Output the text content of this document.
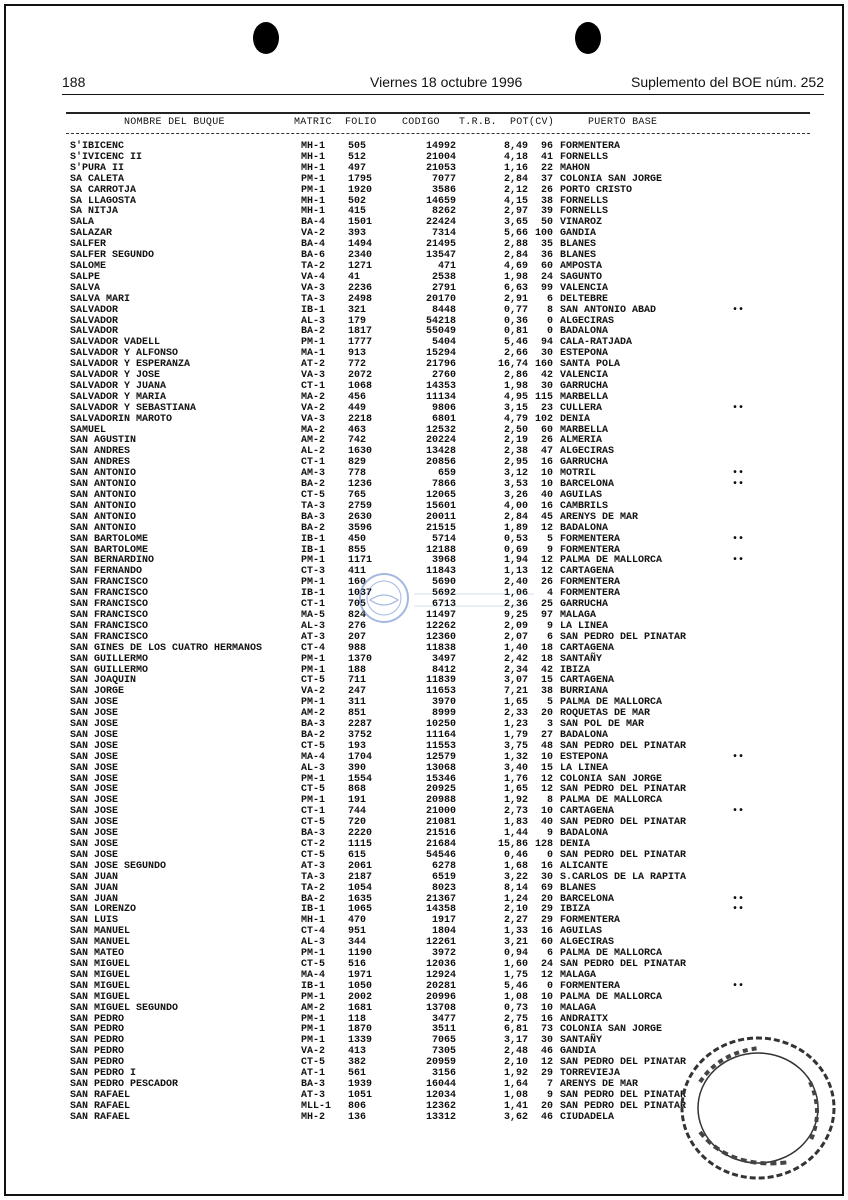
188	Viernes 18 octubre 1996	Suplemento del BOE núm. 252
NOMBRE DEL BUQUE	MATRIC FOLIO	CODIGO T.R.B. POT(CV)	PUERTO BASE
S'IBICENC	MH-1 505	14992	8,49 96 FORMENTERA
S'IVICENC II	MH-1 512	21004	4,18 41 FORNELLS
S'PURA II	MH-1 497	21053	1,16 22 MAHON
SA CALETA	PM-1 1795	7077	2,84 37 COLONIA SAN JORGE
SA CARROTJA	PM-1 1920	3586	2,12 26 PORTO CRISTO
SA LLAGOSTA	MH-1 502	14659	4,15 38 FORNELLS
SA NITJA	MH-1 415	8262	2,97 39 FORNELLS
SALA	BA-4 1501	22424	3,65 50 VINAROZ
SALAZAR	VA-2 393	7314	5,66 100 GANDIA
SALFER	BA-4 1494	21495	2,88 35 BLANES
SALFER SEGUNDO	BA-6 2340	13547	2,84 36 BLANES
SALOME	TA-2 1271	471	4,69 60 AMPOSTA
SALPE	VA-4 41	2538	1,98 24 SAGUNTO
SALVA	VA-3 2236	2791	6,63 99 VALENCIA
SALVA MARI	TA-3 2498	20170	2,91 6 DELTEBRE
SALVADOR	IB-1 321	8448	0,77 8 SAN ANTONIO ABAD	••
SALVADOR	AL-3 179	54218	0,36 0 ALGECIRAS
SALVADOR	BA-2 1817	55049	0,81 0 BADALONA
SALVADOR VADELL	PM-1 1777	5404	5,46 94 CALA-RATJADA
SALVADOR Y ALFONSO	MA-1 913	15294	2,66 30 ESTEPONA
SALVADOR Y ESPERANZA	AT-2 772	21796	16,74 160 SANTA POLA
SALVADOR Y JOSE	VA-3 2072	2760	2,86 42 VALENCIA
SALVADOR Y JUANA	CT-1 1068	14353	1,98 30 GARRUCHA
SALVADOR Y MARIA	MA-2 456	11134	4,95 115 MARBELLA
SALVADOR Y SEBASTIANA	VA-2 449	9806	3,15 23 CULLERA	••
SALVADORIN MAROTO	VA-3 2218	6801	4,79 102 DENIA
SAMUEL	MA-2 463	12532	2,50 60 MARBELLA
SAN AGUSTIN	AM-2 742	20224	2,19 26 ALMERIA
SAN ANDRES	AL-2 1630	13428	2,38 47 ALGECIRAS
SAN ANDRES	CT-1 829	20856	2,95 16 GARRUCHA
SAN ANTONIO	AM-3 778	659	3,12 10 MOTRIL	••
SAN ANTONIO	BA-2 1236	7866	3,53 10 BARCELONA	••
SAN ANTONIO	CT-5 765	12065	3,26 40 AGUILAS
SAN ANTONIO	TA-3 2759	15601	4,00 16 CAMBRILS
SAN ANTONIO	BA-3 2630	20011	2,84 45 ARENYS DE MAR
SAN ANTONIO	BA-2 3596	21515	1,89 12 BADALONA
SAN BARTOLOME	IB-1 450	5714	0,53 5 FORMENTERA	••
SAN BARTOLOME	IB-1 855	12188	0,69 9 FORMENTERA
SAN BERNARDINO	PM-1 1171	3968	1,94 12 PALMA DE MALLORCA	••
SAN FERNANDO	CT-3 411	11843	1,13 12 CARTAGENA
SAN FRANCISCO	PM-1 160	5690	2,40 26 FORMENTERA
SAN FRANCISCO	IB-1 1037	5692	1,06 4 FORMENTERA
SAN FRANCISCO	CT-1 705	6713	2,36 25 GARRUCHA
SAN FRANCISCO	MA-5 824	11497	9,25 97 MALAGA
SAN FRANCISCO	AL-3 276	12262	2,09 9 LA LINEA
SAN FRANCISCO	AT-3 207	12360	2,07 6 SAN PEDRO DEL PINATAR
SAN GINES DE LOS CUATRO HERMANOS	CT-4 988	11838	1,40 18 CARTAGENA
SAN GUILLERMO	PM-1 1370	3497	2,42 18 SANTAÑY
SAN GUILLERMO	PM-1 188	8412	2,34 42 IBIZA
SAN JOAQUIN	CT-5 711	11839	3,07 15 CARTAGENA
SAN JORGE	VA-2 247	11653	7,21 38 BURRIANA
SAN JOSE	PM-1 311	3970	1,65 5 PALMA DE MALLORCA
SAN JOSE	AM-2 851	8999	2,33 20 ROQUETAS DE MAR
SAN JOSE	BA-3 2287	10250	1,23 3 SAN POL DE MAR
SAN JOSE	BA-2 3752	11164	1,79 27 BADALONA
SAN JOSE	CT-5 193	11553	3,75 48 SAN PEDRO DEL PINATAR
SAN JOSE	MA-4 1704	12579	1,32 10 ESTEPONA	••
SAN JOSE	AL-3 390	13068	3,40 15 LA LINEA
SAN JOSE	PM-1 1554	15346	1,76 12 COLONIA SAN JORGE
SAN JOSE	CT-5 868	20925	1,65 12 SAN PEDRO DEL PINATAR
SAN JOSE	PM-1 191	20988	1,92 8 PALMA DE MALLORCA
SAN JOSE	CT-1 744	21000	2,73 10 CARTAGENA	••
SAN JOSE	CT-5 720	21081	1,83 40 SAN PEDRO DEL PINATAR
SAN JOSE	BA-3 2220	21516	1,44 9 BADALONA
SAN JOSE	CT-2 1115	21684	15,86 128 DENIA
SAN JOSE	CT-5 615	54546	0,46 0 SAN PEDRO DEL PINATAR
SAN JOSE SEGUNDO	AT-3 2061	6278	1,68 16 ALICANTE
SAN JUAN	TA-3 2187	6519	3,22 30 S.CARLOS DE LA RAPITA
SAN JUAN	TA-2 1054	8023	8,14 69 BLANES
SAN JUAN	BA-2 1635	21367	1,24 20 BARCELONA	••
SAN LORENZO	IB-1 1065	14358	2,10 29 IBIZA	••
SAN LUIS	MH-1 470	1917	2,27 29 FORMENTERA
SAN MANUEL	CT-4 951	1804	1,33 16 AGUILAS
SAN MANUEL	AL-3 344	12261	3,21 60 ALGECIRAS
SAN MATEO	PM-1 1190	3972	0,94 6 PALMA DE MALLORCA
SAN MIGUEL	CT-5 516	12036	1,60 24 SAN PEDRO DEL PINATAR
SAN MIGUEL	MA-4 1971	12924	1,75 12 MALAGA
SAN MIGUEL	IB-1 1050	20281	5,46 0 FORMENTERA	••
SAN MIGUEL	PM-1 2002	20996	1,08 10 PALMA DE MALLORCA
SAN MIGUEL SEGUNDO	AM-2 1681	13708	0,73 10 MALAGA
SAN PEDRO	PM-1 118	3477	2,75 16 ANDRAITX
SAN PEDRO	PM-1 1870	3511	6,81 73 COLONIA SAN JORGE
SAN PEDRO	PM-1 1339	7065	3,17 30 SANTAÑY
SAN PEDRO	VA-2 413	7305	2,48 46 GANDIA
SAN PEDRO	CT-5 382	20959	2,10 12 SAN PEDRO DEL PINATAR
SAN PEDRO I	AT-1 561	3156	1,92 29 TORREVIEJA
SAN PEDRO PESCADOR	BA-3 1939	16044	1,64 7 ARENYS DE MAR
SAN RAFAEL	AT-3 1051	12034	1,08 9 SAN PEDRO DEL PINATAR
SAN RAFAEL	MLL-1 806	12362	1,41 20 SAN PEDRO DEL PINATAR
SAN RAFAEL	MH-2 136	13312	3,62 46 CIUDADELA
